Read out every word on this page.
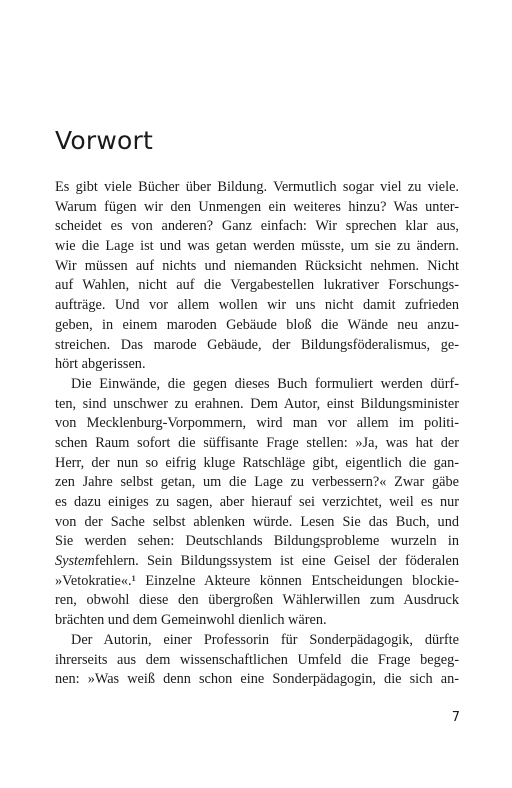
Vorwort
Es gibt viele Bücher über Bildung. Vermutlich sogar viel zu viele.
Warum fügen wir den Unmengen ein weiteres hinzu? Was unter-
scheidet es von anderen? Ganz einfach: Wir sprechen klar aus,
wie die Lage ist und was getan werden müsste, um sie zu ändern.
Wir müssen auf nichts und niemanden Rücksicht nehmen. Nicht
auf Wahlen, nicht auf die Vergabestellen lukrativer Forschungs-
aufträge. Und vor allem wollen wir uns nicht damit zufrieden
geben, in einem maroden Gebäude bloß die Wände neu anzu-
streichen. Das marode Gebäude, der Bildungsföderalismus, ge-
hört abgerissen.
Die Einwände, die gegen dieses Buch formuliert werden dürf-
ten, sind unschwer zu erahnen. Dem Autor, einst Bildungsminister
von Mecklenburg-Vorpommern, wird man vor allem im politi-
schen Raum sofort die süffisante Frage stellen: »Ja, was hat der
Herr, der nun so eifrig kluge Ratschläge gibt, eigentlich die gan-
zen Jahre selbst getan, um die Lage zu verbessern?« Zwar gäbe
es dazu einiges zu sagen, aber hierauf sei verzichtet, weil es nur
von der Sache selbst ablenken würde. Lesen Sie das Buch, und
Sie werden sehen: Deutschlands Bildungsprobleme wurzeln in
Systemfehlern. Sein Bildungssystem ist eine Geisel der föderalen
»Vetokratie«.¹ Einzelne Akteure können Entscheidungen blockie-
ren, obwohl diese den übergroßen Wählerwillen zum Ausdruck
brächten und dem Gemeinwohl dienlich wären.
Der Autorin, einer Professorin für Sonderpädagogik, dürfte
ihrerseits aus dem wissenschaftlichen Umfeld die Frage begeg-
nen: »Was weiß denn schon eine Sonderpädagogin, die sich an-
7
